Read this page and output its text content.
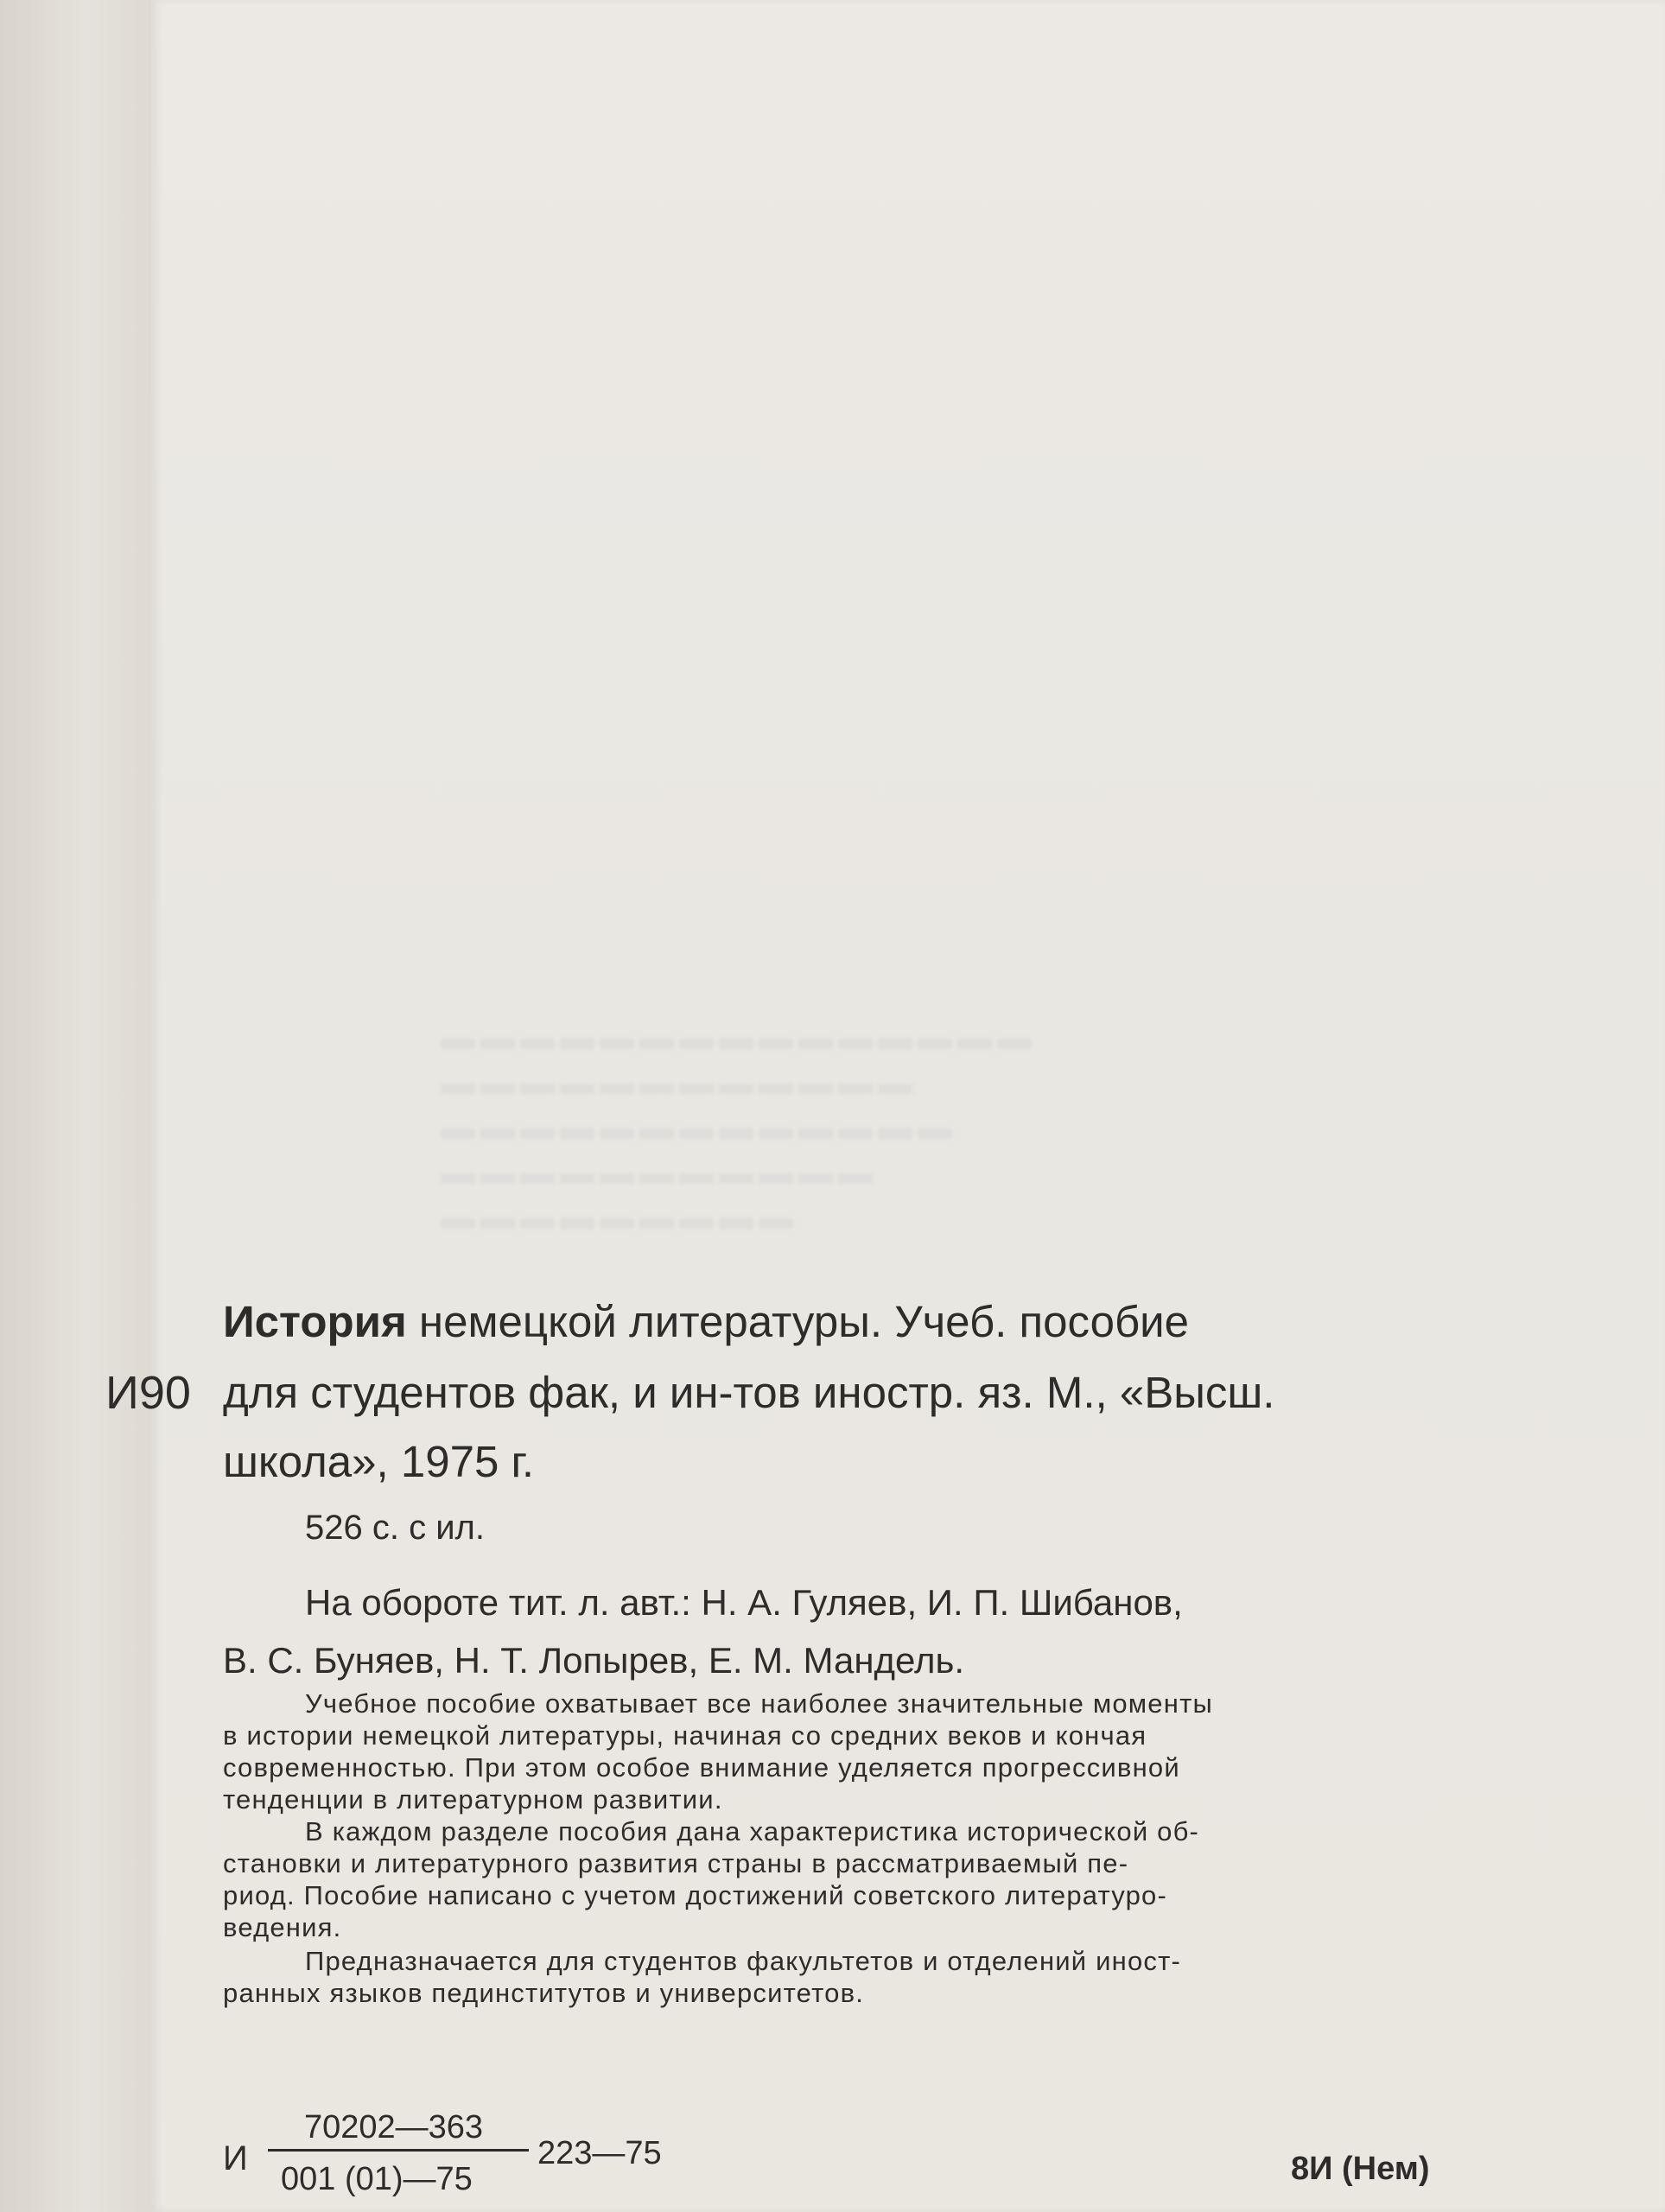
▬▬▬▬▬▬▬▬▬▬▬▬▬▬▬
▬▬▬▬▬▬▬▬▬▬▬▬
▬▬▬▬▬▬▬▬▬▬▬▬▬
▬▬▬▬▬▬▬▬▬▬▬
▬▬▬▬▬▬▬▬▬
И90
История немецкой литературы. Учеб. пособие
для студентов фак, и ин-тов иностр. яз. М., «Высш.
школа», 1975 г.
526 с. с ил.
На обороте тит. л. авт.: Н. А. Гуляев, И. П. Шибанов,
В. С. Буняев, Н. Т. Лопырев, Е. М. Мандель.
Учебное пособие охватывает все наиболее значительные моменты
в истории немецкой литературы, начиная со средних веков и кончая
современностью. При этом особое внимание уделяется прогрессивной
тенденции в литературном развитии.
В каждом разделе пособия дана характеристика исторической об-
становки и литературного развития страны в рассматриваемый пе-
риод. Пособие написано с учетом достижений советского литературо-
ведения.
Предназначается для студентов факультетов и отделений иност-
ранных языков пединститутов и университетов.
И
70202—363
001 (01)—75
223—75	8И (Нем)
